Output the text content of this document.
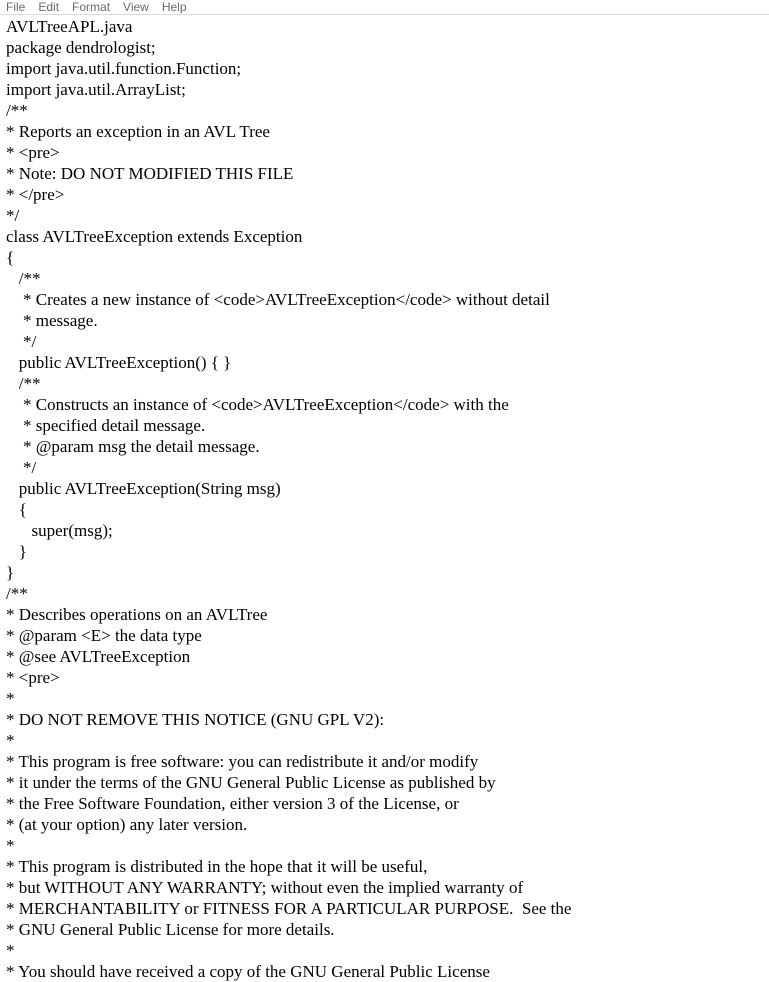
File Edit Format View Help
AVLTreeAPL.java
package dendrologist;
import java.util.function.Function;
import java.util.ArrayList;
/**
* Reports an exception in an AVL Tree
* <pre>
* Note: DO NOT MODIFIED THIS FILE
* </pre>
*/
class AVLTreeException extends Exception
{
/**
* Creates a new instance of <code>AVLTreeException</code> without detail
* message.
*/
public AVLTreeException() { }
/**
* Constructs an instance of <code>AVLTreeException</code> with the
* specified detail message.
* @param msg the detail message.
*/
public AVLTreeException(String msg)
{
super(msg);
}
}
/**
* Describes operations on an AVLTree
* @param <E> the data type
* @see AVLTreeException
* <pre>
*
* DO NOT REMOVE THIS NOTICE (GNU GPL V2):
*
* This program is free software: you can redistribute it and/or modify
* it under the terms of the GNU General Public License as published by
* the Free Software Foundation, either version 3 of the License, or
* (at your option) any later version.
*
* This program is distributed in the hope that it will be useful,
* but WITHOUT ANY WARRANTY; without even the implied warranty of
* MERCHANTABILITY or FITNESS FOR A PARTICULAR PURPOSE.  See the
* GNU General Public License for more details.
*
* You should have received a copy of the GNU General Public License
